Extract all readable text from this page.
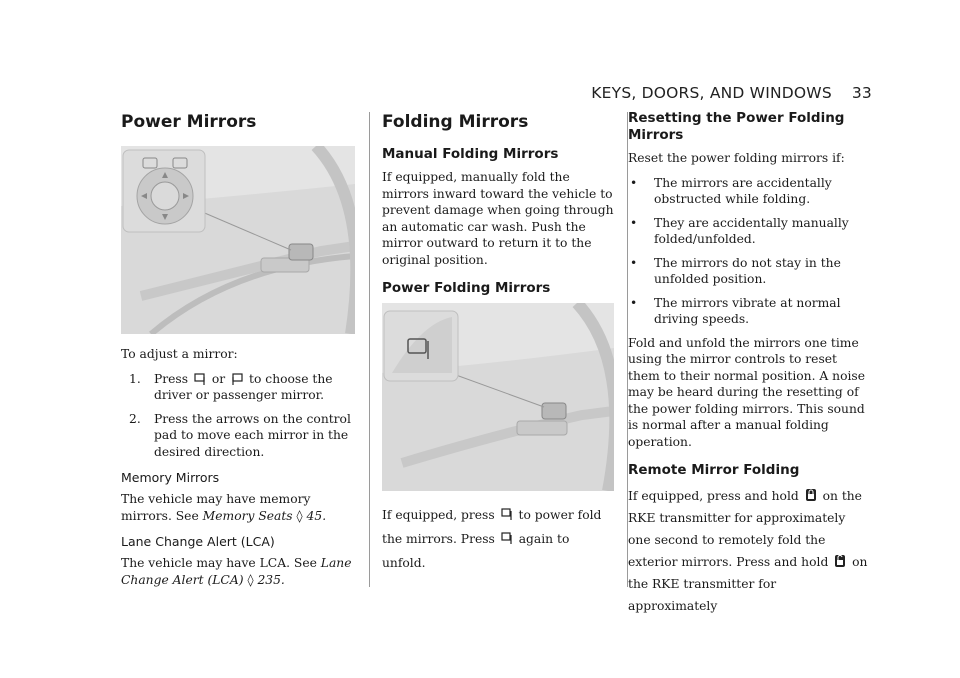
KEYS, DOORS, AND WINDOWS 33
Power Mirrors

To adjust a mirror:

1. Press or to choose the driver or passenger mirror.
2. Press the arrows on the control pad to move each mirror in the desired direction.
Memory Mirrors

The vehicle may have memory mirrors. See Memory Seats ◊ 45.

Lane Change Alert (LCA)

The vehicle may have LCA. See Lane Change Alert (LCA) ◊ 235.

Folding Mirrors
Manual Folding Mirrors

If equipped, manually fold the mirrors inward toward the vehicle to prevent damage when going through an automatic car wash. Push the mirror outward to return it to the original position.

Power Folding Mirrors

If equipped, press to power fold the mirrors. Press again to unfold.

Resetting the Power Folding Mirrors

Reset the power folding mirrors if:

• The mirrors are accidentally obstructed while folding.
• They are accidentally manually folded/unfolded.
• The mirrors do not stay in the unfolded position.
• The mirrors vibrate at normal driving speeds.

Fold and unfold the mirrors one time using the mirror controls to reset them to their normal position. A noise may be heard during the resetting of the power folding mirrors. This sound is normal after a manual folding operation.

Remote Mirror Folding

If equipped, press and hold on the RKE transmitter for approximately one second to remotely fold the exterior mirrors. Press and hold on the RKE transmitter for approximately
